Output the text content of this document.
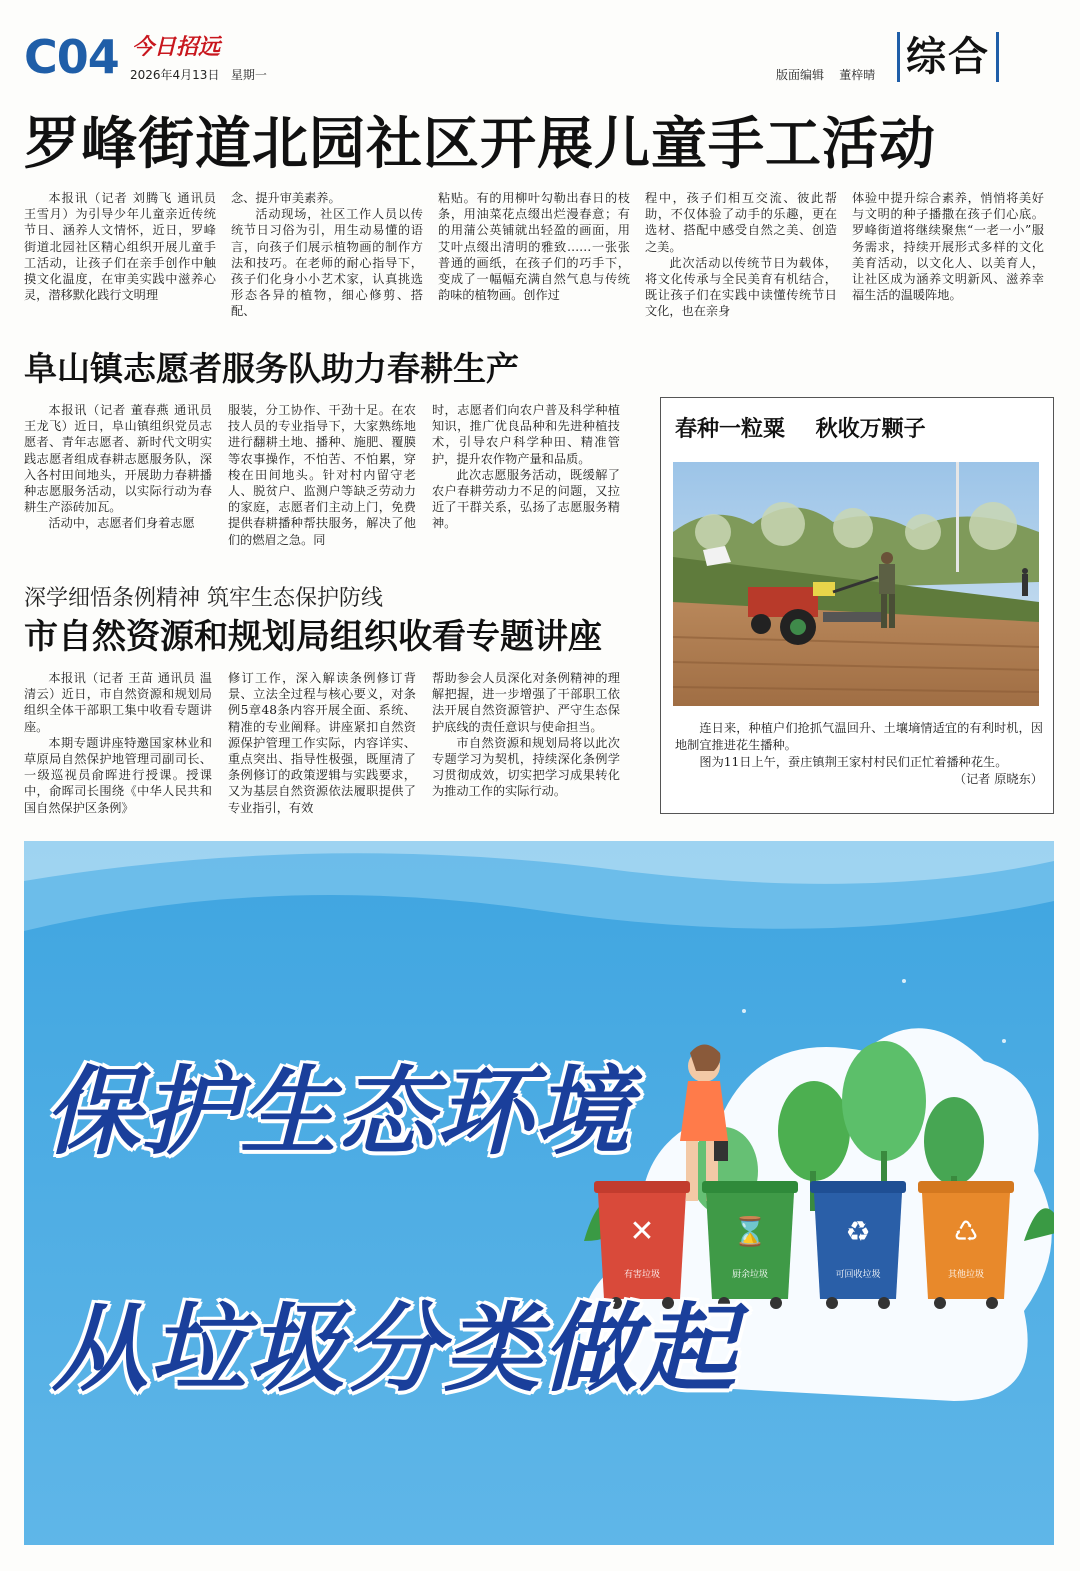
C04 今日招远
2026年4月13日 星期一	版面编辑 董梓晴 综合
罗峰街道北园社区开展儿童手工活动

本报讯（记者 刘腾飞 通讯员 王雪月）为引导少年儿童亲近传统节日、涵养人文情怀，近日，罗峰街道北园社区精心组织开展儿童手工活动，让孩子们在亲手创作中触摸文化温度，在审美实践中滋养心灵，潜移默化践行文明理

念、提升审美素养。

活动现场，社区工作人员以传统节日习俗为引，用生动易懂的语言，向孩子们展示植物画的制作方法和技巧。在老师的耐心指导下，孩子们化身小小艺术家，认真挑选形态各异的植物，细心修剪、搭配、

粘贴。有的用柳叶勾勒出春日的枝条，用油菜花点缀出烂漫春意；有的用蒲公英铺就出轻盈的画面，用艾叶点缀出清明的雅致……一张张普通的画纸，在孩子们的巧手下，变成了一幅幅充满自然气息与传统韵味的植物画。创作过

程中，孩子们相互交流、彼此帮助，不仅体验了动手的乐趣，更在选材、搭配中感受自然之美、创造之美。

此次活动以传统节日为载体，将文化传承与全民美育有机结合，既让孩子们在实践中读懂传统节日文化，也在亲身

体验中提升综合素养，悄悄将美好与文明的种子播撒在孩子们心底。罗峰街道将继续聚焦“一老一小”服务需求，持续开展形式多样的文化美育活动，以文化人、以美育人，让社区成为涵养文明新风、滋养幸福生活的温暖阵地。

阜山镇志愿者服务队助力春耕生产

本报讯（记者 董春燕 通讯员 王龙飞）近日，阜山镇组织党员志愿者、青年志愿者、新时代文明实践志愿者组成春耕志愿服务队，深入各村田间地头，开展助力春耕播种志愿服务活动，以实际行动为春耕生产添砖加瓦。

活动中，志愿者们身着志愿

服装，分工协作、干劲十足。在农技人员的专业指导下，大家熟练地进行翻耕土地、播种、施肥、覆膜等农事操作，不怕苦、不怕累，穿梭在田间地头。针对村内留守老人、脱贫户、监测户等缺乏劳动力的家庭，志愿者们主动上门，免费提供春耕播种帮扶服务，解决了他们的燃眉之急。同

时，志愿者们向农户普及科学种植知识，推广优良品种和先进种植技术，引导农户科学种田、精准管护，提升农作物产量和品质。

此次志愿服务活动，既缓解了农户春耕劳动力不足的问题，又拉近了干群关系，弘扬了志愿服务精神。

深学细悟条例精神 筑牢生态保护防线
市自然资源和规划局组织收看专题讲座

本报讯（记者 王苗 通讯员 温清云）近日，市自然资源和规划局组织全体干部职工集中收看专题讲座。

本期专题讲座特邀国家林业和草原局自然保护地管理司副司长、一级巡视员俞晖进行授课。授课中，俞晖司长围绕《中华人民共和国自然保护区条例》

修订工作，深入解读条例修订背景、立法全过程与核心要义，对条例5章48条内容开展全面、系统、精准的专业阐释。讲座紧扣自然资源保护管理工作实际，内容详实、重点突出、指导性极强，既厘清了条例修订的政策逻辑与实践要求，又为基层自然资源依法履职提供了专业指引，有效

帮助参会人员深化对条例精神的理解把握，进一步增强了干部职工依法开展自然资源管护、严守生态保护底线的责任意识与使命担当。

市自然资源和规划局将以此次专题学习为契机，持续深化条例学习贯彻成效，切实把学习成果转化为推动工作的实际行动。

春种一粒粟    秋收万颗子

连日来，种植户们抢抓气温回升、土壤墒情适宜的有利时机，因地制宜推进花生播种。

图为11日上午，蚕庄镇荆王家村村民们正忙着播种花生。

（记者 原晓东）
✕
有害垃圾
⌛
厨余垃圾
♻
可回收垃圾
♺
其他垃圾
保护生态环境
从垃圾分类做起
